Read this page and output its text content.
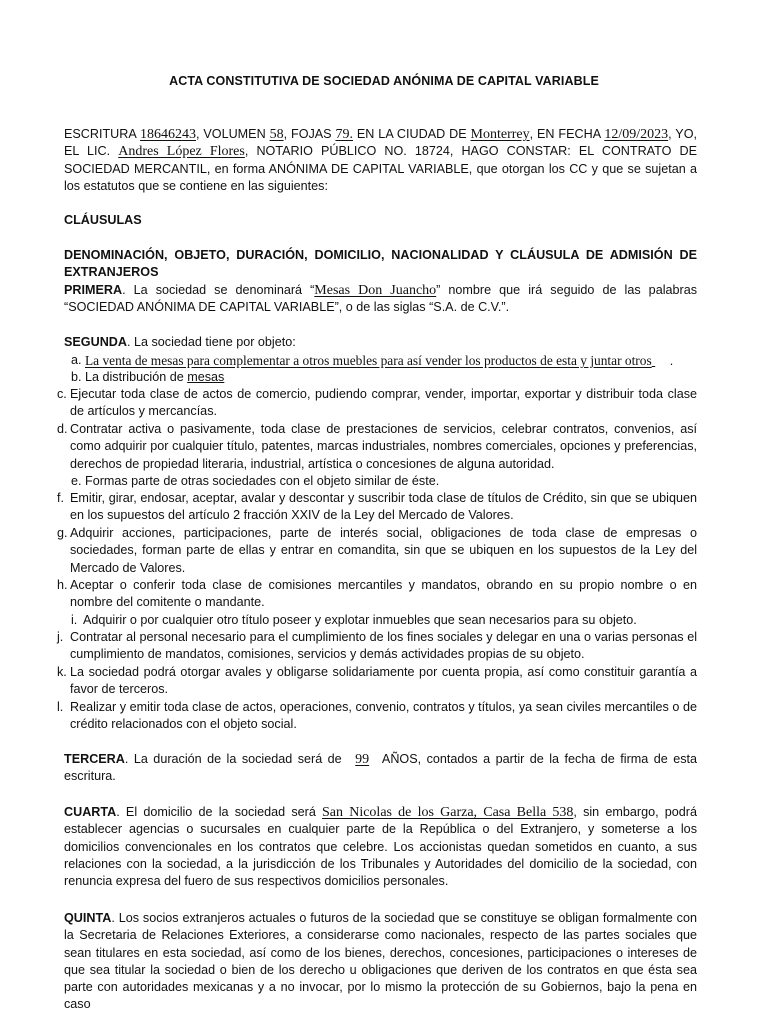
ACTA CONSTITUTIVA DE SOCIEDAD ANÓNIMA DE CAPITAL VARIABLE

ESCRITURA 18646243, VOLUMEN 58, FOJAS 79. EN LA CIUDAD DE Monterrey, EN FECHA 12/09/2023, YO, EL LIC. Andres López Flores, NOTARIO PÚBLICO NO. 18724, HAGO CONSTAR: EL CONTRATO DE SOCIEDAD MERCANTIL, en forma ANÓNIMA DE CAPITAL VARIABLE, que otorgan los CC y que se sujetan a los estatutos que se contiene en las siguientes:

CLÁUSULAS

DENOMINACIÓN, OBJETO, DURACIÓN, DOMICILIO, NACIONALIDAD Y CLÁUSULA DE ADMISIÓN DE EXTRANJEROS

PRIMERA. La sociedad se denominará “Mesas Don Juancho” nombre que irá seguido de las palabras “SOCIEDAD ANÓNIMA DE CAPITAL VARIABLE”, o de las siglas “S.A. de C.V.”.

SEGUNDA. La sociedad tiene por objeto:

a. La venta de mesas para complementar a otros muebles para así vender los productos de esta y juntar otros .
b. La distribución de mesas
c. Ejecutar toda clase de actos de comercio, pudiendo comprar, vender, importar, exportar y distribuir toda clase de artículos y mercancías.
d. Contratar activa o pasivamente, toda clase de prestaciones de servicios, celebrar contratos, convenios, así como adquirir por cualquier título, patentes, marcas industriales, nombres comerciales, opciones y preferencias, derechos de propiedad literaria, industrial, artística o concesiones de alguna autoridad.
e. Formas parte de otras sociedades con el objeto similar de éste.
f. Emitir, girar, endosar, aceptar, avalar y descontar y suscribir toda clase de títulos de Crédito, sin que se ubiquen en los supuestos del artículo 2 fracción XXIV de la Ley del Mercado de Valores.
g. Adquirir acciones, participaciones, parte de interés social, obligaciones de toda clase de empresas o sociedades, forman parte de ellas y entrar en comandita, sin que se ubiquen en los supuestos de la Ley del Mercado de Valores.
h. Aceptar o conferir toda clase de comisiones mercantiles y mandatos, obrando en su propio nombre o en nombre del comitente o mandante.
i. Adquirir o por cualquier otro título poseer y explotar inmuebles que sean necesarios para su objeto.
j. Contratar al personal necesario para el cumplimiento de los fines sociales y delegar en una o varias personas el cumplimiento de mandatos, comisiones, servicios y demás actividades propias de su objeto.
k. La sociedad podrá otorgar avales y obligarse solidariamente por cuenta propia, así como constituir garantía a favor de terceros.
l. Realizar y emitir toda clase de actos, operaciones, convenio, contratos y títulos, ya sean civiles mercantiles o de crédito relacionados con el objeto social.

TERCERA. La duración de la sociedad será de 99 AÑOS, contados a partir de la fecha de firma de esta escritura.

CUARTA. El domicilio de la sociedad será San Nicolas de los Garza, Casa Bella 538, sin embargo, podrá establecer agencias o sucursales en cualquier parte de la República o del Extranjero, y someterse a los domicilios convencionales en los contratos que celebre. Los accionistas quedan sometidos en cuanto, a sus relaciones con la sociedad, a la jurisdicción de los Tribunales y Autoridades del domicilio de la sociedad, con renuncia expresa del fuero de sus respectivos domicilios personales.

QUINTA. Los socios extranjeros actuales o futuros de la sociedad que se constituye se obligan formalmente con la Secretaria de Relaciones Exteriores, a considerarse como nacionales, respecto de las partes sociales que sean titulares en esta sociedad, así como de los bienes, derechos, concesiones, participaciones o intereses de que sea titular la sociedad o bien de los derecho u obligaciones que deriven de los contratos en que ésta sea parte con autoridades mexicanas y a no invocar, por lo mismo la protección de su Gobiernos, bajo la pena en caso
